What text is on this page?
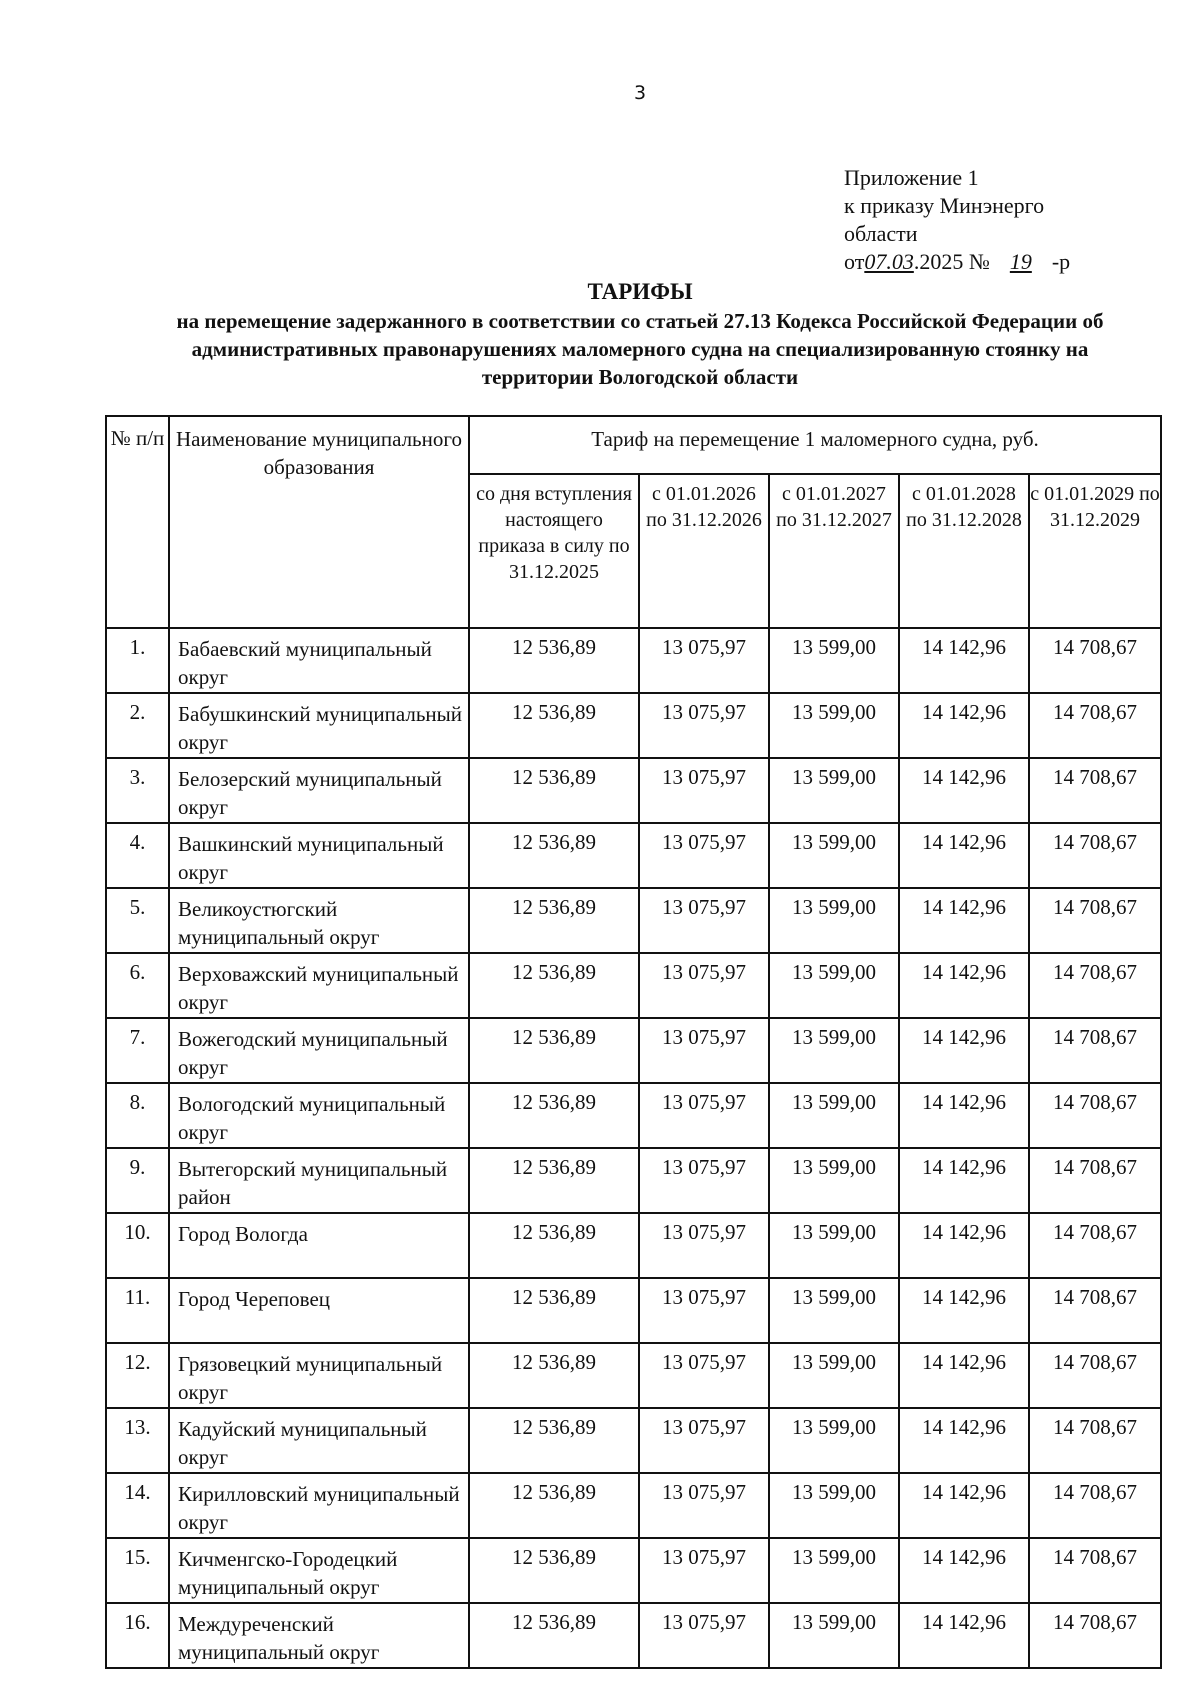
3
Приложение 1
к приказу Минэнерго
области
от07.03.2025 № 19 -р
ТАРИФЫ
на перемещение задержанного в соответствии со статьей 27.13 Кодекса Российской Федерации об административных правонарушениях маломерного судна на специализированную стоянку на территории Вологодской области
№ п/п	Наименование муниципального образования	Тариф на перемещение 1 маломерного судна, руб.				
		со дня вступления настоящего приказа в силу по 31.12.2025	с 01.01.2026 по 31.12.2026	с 01.01.2027 по 31.12.2027	с 01.01.2028 по 31.12.2028	с 01.01.2029 по 31.12.2029
1.	Бабаевский муниципальный округ	12 536,89	13 075,97	13 599,00	14 142,96	14 708,67
2.	Бабушкинский муниципальный округ	12 536,89	13 075,97	13 599,00	14 142,96	14 708,67
3.	Белозерский муниципальный округ	12 536,89	13 075,97	13 599,00	14 142,96	14 708,67
4.	Вашкинский муниципальный округ	12 536,89	13 075,97	13 599,00	14 142,96	14 708,67
5.	Великоустюгский муниципальный округ	12 536,89	13 075,97	13 599,00	14 142,96	14 708,67
6.	Верховажский муниципальный округ	12 536,89	13 075,97	13 599,00	14 142,96	14 708,67
7.	Вожегодский муниципальный округ	12 536,89	13 075,97	13 599,00	14 142,96	14 708,67
8.	Вологодский муниципальный округ	12 536,89	13 075,97	13 599,00	14 142,96	14 708,67
9.	Вытегорский муниципальный район	12 536,89	13 075,97	13 599,00	14 142,96	14 708,67
10.	Город Вологда	12 536,89	13 075,97	13 599,00	14 142,96	14 708,67
11.	Город Череповец	12 536,89	13 075,97	13 599,00	14 142,96	14 708,67
12.	Грязовецкий муниципальный округ	12 536,89	13 075,97	13 599,00	14 142,96	14 708,67
13.	Кадуйский муниципальный округ	12 536,89	13 075,97	13 599,00	14 142,96	14 708,67
14.	Кирилловский муниципальный округ	12 536,89	13 075,97	13 599,00	14 142,96	14 708,67
15.	Кичменгско-Городецкий муниципальный округ	12 536,89	13 075,97	13 599,00	14 142,96	14 708,67
16.	Междуреченский муниципальный округ	12 536,89	13 075,97	13 599,00	14 142,96	14 708,67
